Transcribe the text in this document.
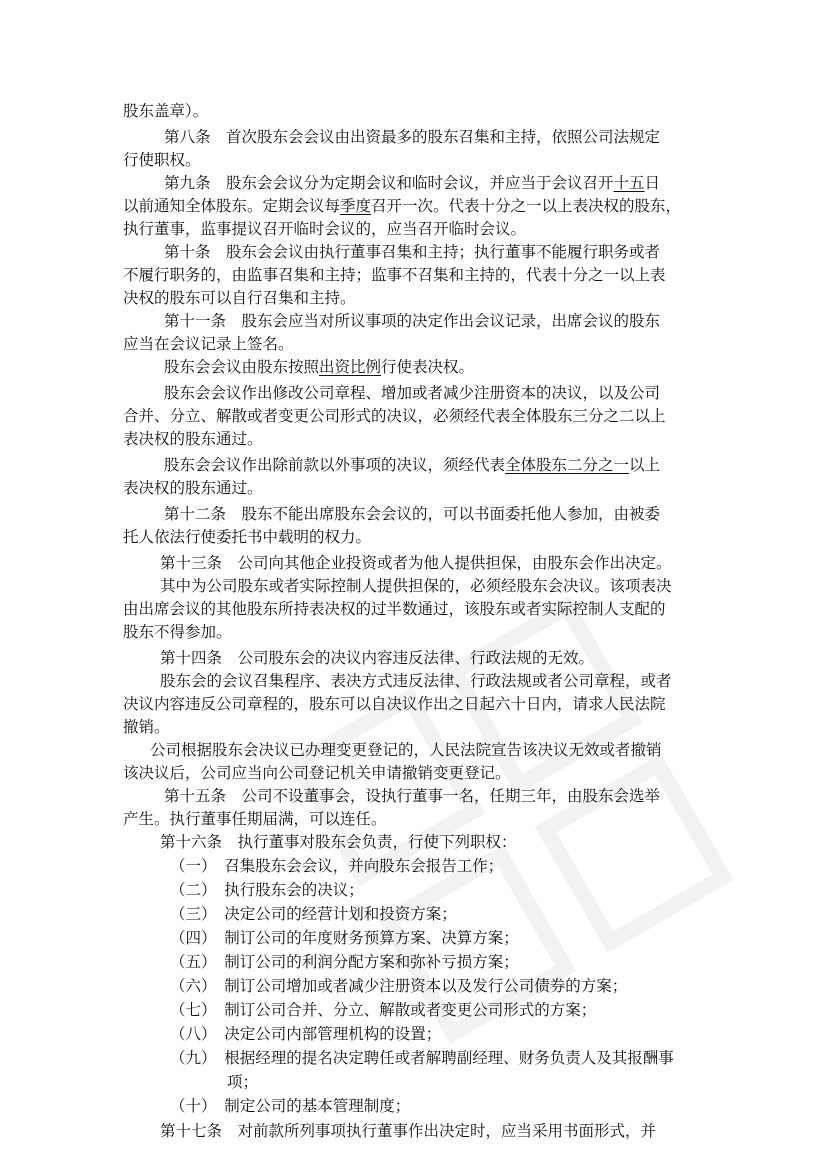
股东盖章）。
第八条　首次股东会会议由出资最多的股东召集和主持，依照公司法规定
行使职权。
第九条　股东会会议分为定期会议和临时会议，并应当于会议召开十五日
以前通知全体股东。定期会议每季度召开一次。代表十分之一以上表决权的股东，
执行董事，监事提议召开临时会议的，应当召开临时会议。
第十条　股东会会议由执行董事召集和主持；执行董事不能履行职务或者
不履行职务的，由监事召集和主持；监事不召集和主持的，代表十分之一以上表
决权的股东可以自行召集和主持。
第十一条　股东会应当对所议事项的决定作出会议记录，出席会议的股东
应当在会议记录上签名。
股东会会议由股东按照出资比例行使表决权。
股东会会议作出修改公司章程、增加或者减少注册资本的决议，以及公司
合并、分立、解散或者变更公司形式的决议，必须经代表全体股东三分之二以上
表决权的股东通过。
股东会会议作出除前款以外事项的决议，须经代表全体股东二分之一以上
表决权的股东通过。
第十二条　股东不能出席股东会会议的，可以书面委托他人参加，由被委
托人依法行使委托书中载明的权力。
第十三条　公司向其他企业投资或者为他人提供担保，由股东会作出决定。
其中为公司股东或者实际控制人提供担保的，必须经股东会决议。该项表决
由出席会议的其他股东所持表决权的过半数通过，该股东或者实际控制人支配的
股东不得参加。
第十四条　公司股东会的决议内容违反法律、行政法规的无效。
股东会的会议召集程序、表决方式违反法律、行政法规或者公司章程，或者
决议内容违反公司章程的，股东可以自决议作出之日起六十日内，请求人民法院
撤销。
公司根据股东会决议已办理变更登记的，人民法院宣告该决议无效或者撤销
该决议后，公司应当向公司登记机关申请撤销变更登记。
第十五条　公司不设董事会，设执行董事一名，任期三年，由股东会选举
产生。执行董事任期届满，可以连任。
第十六条　执行董事对股东会负责，行使下列职权：
（一）　召集股东会会议，并向股东会报告工作；
（二）　执行股东会的决议；
（三）　决定公司的经营计划和投资方案；
（四）　制订公司的年度财务预算方案、决算方案；
（五）　制订公司的利润分配方案和弥补亏损方案；
（六）　制订公司增加或者减少注册资本以及发行公司债券的方案；
（七）　制订公司合并、分立、解散或者变更公司形式的方案；
（八）　决定公司内部管理机构的设置；
（九）　根据经理的提名决定聘任或者解聘副经理、财务负责人及其报酬事
项；
（十）　制定公司的基本管理制度；
第十七条　对前款所列事项执行董事作出决定时，应当采用书面形式，并
